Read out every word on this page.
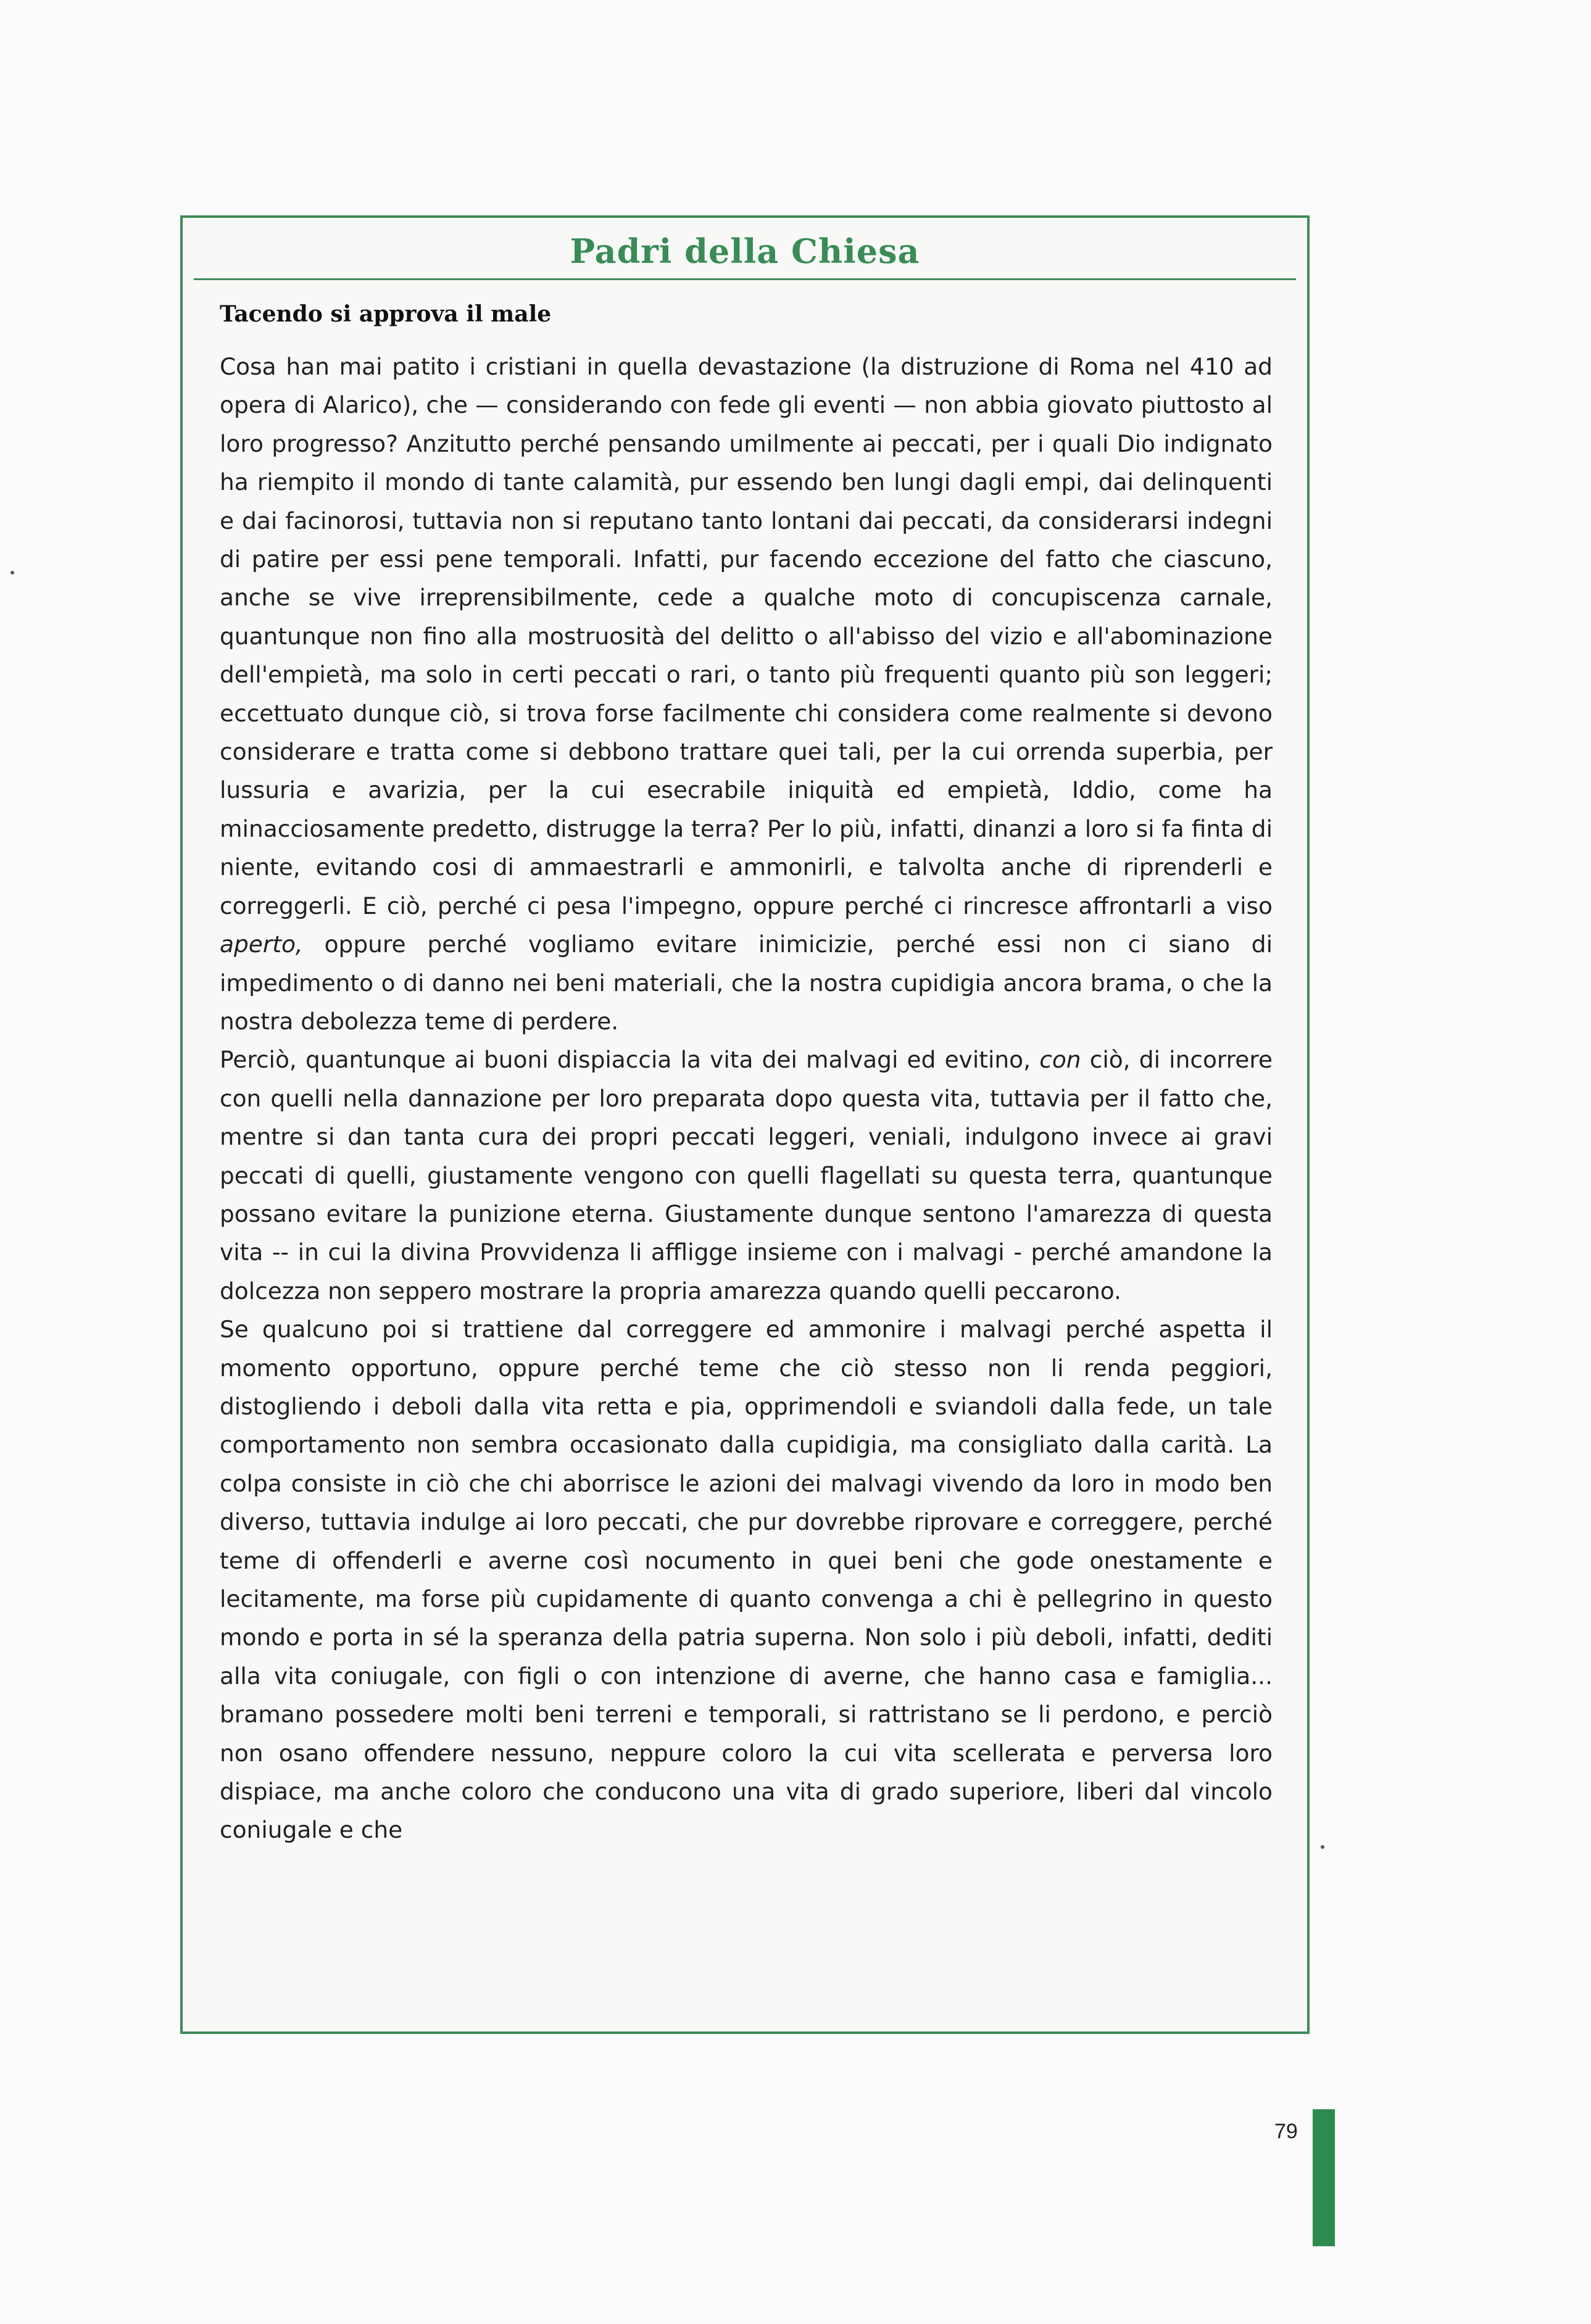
Padri della Chiesa
Tacendo si approva il male

Cosa han mai patito i cristiani in quella devastazione (la distruzione di Roma nel 410 ad opera di Alarico), che — considerando con fede gli eventi — non abbia giovato piuttosto al loro progresso? Anzitutto perché pensando umilmente ai peccati, per i quali Dio indignato ha riempito il mondo di tante calamità, pur essendo ben lungi dagli empi, dai delinquenti e dai facinorosi, tuttavia non si reputano tanto lontani dai peccati, da considerarsi indegni di patire per essi pene temporali. Infatti, pur facendo eccezione del fatto che ciascuno, anche se vive irreprensibilmente, cede a qualche moto di concupiscenza carnale, quantunque non fino alla mostruosità del delitto o all'abisso del vizio e all'abominazione dell'empietà, ma solo in certi peccati o rari, o tanto più frequenti quanto più son leggeri; eccettuato dunque ciò, si trova forse facilmente chi considera come realmente si devono considerare e tratta come si debbono trattare quei tali, per la cui orrenda superbia, per lussuria e avarizia, per la cui esecrabile iniquità ed empietà, Iddio, come ha minacciosamente predetto, distrugge la terra? Per lo più, infatti, dinanzi a loro si fa finta di niente, evitando cosi di ammaestrarli e ammonirli, e talvolta anche di riprenderli e correggerli. E ciò, perché ci pesa l'impegno, oppure perché ci rincresce affrontarli a viso aperto, oppure perché vogliamo evitare inimicizie, perché essi non ci siano di impedimento o di danno nei beni materiali, che la nostra cupidigia ancora brama, o che la nostra debolezza teme di perdere.

Perciò, quantunque ai buoni dispiaccia la vita dei malvagi ed evitino, con ciò, di incorrere con quelli nella dannazione per loro preparata dopo questa vita, tuttavia per il fatto che, mentre si dan tanta cura dei propri peccati leggeri, veniali, indulgono invece ai gravi peccati di quelli, giustamente vengono con quelli flagellati su questa terra, quantunque possano evitare la punizione eterna. Giustamente dunque sentono l'amarezza di questa vita -- in cui la divina Provvidenza li affligge insieme con i malvagi - perché amandone la dolcezza non seppero mostrare la propria amarezza quando quelli peccarono.

Se qualcuno poi si trattiene dal correggere ed ammonire i malvagi perché aspetta il momento opportuno, oppure perché teme che ciò stesso non li renda peggiori, distogliendo i deboli dalla vita retta e pia, opprimendoli e sviandoli dalla fede, un tale comportamento non sembra occasionato dalla cupidigia, ma consigliato dalla carità. La colpa consiste in ciò che chi aborrisce le azioni dei malvagi vivendo da loro in modo ben diverso, tuttavia indulge ai loro peccati, che pur dovrebbe riprovare e correggere, perché teme di offenderli e averne così nocumento in quei beni che gode onestamente e lecitamente, ma forse più cupidamente di quanto convenga a chi è pellegrino in questo mondo e porta in sé la speranza della patria superna. Non solo i più deboli, infatti, dediti alla vita coniugale, con figli o con intenzione di averne, che hanno casa e famiglia... bramano possedere molti beni terreni e temporali, si rattristano se li perdono, e perciò non osano offendere nessuno, neppure coloro la cui vita scellerata e perversa loro dispiace, ma anche coloro che conducono una vita di grado superiore, liberi dal vincolo coniugale e che

79
